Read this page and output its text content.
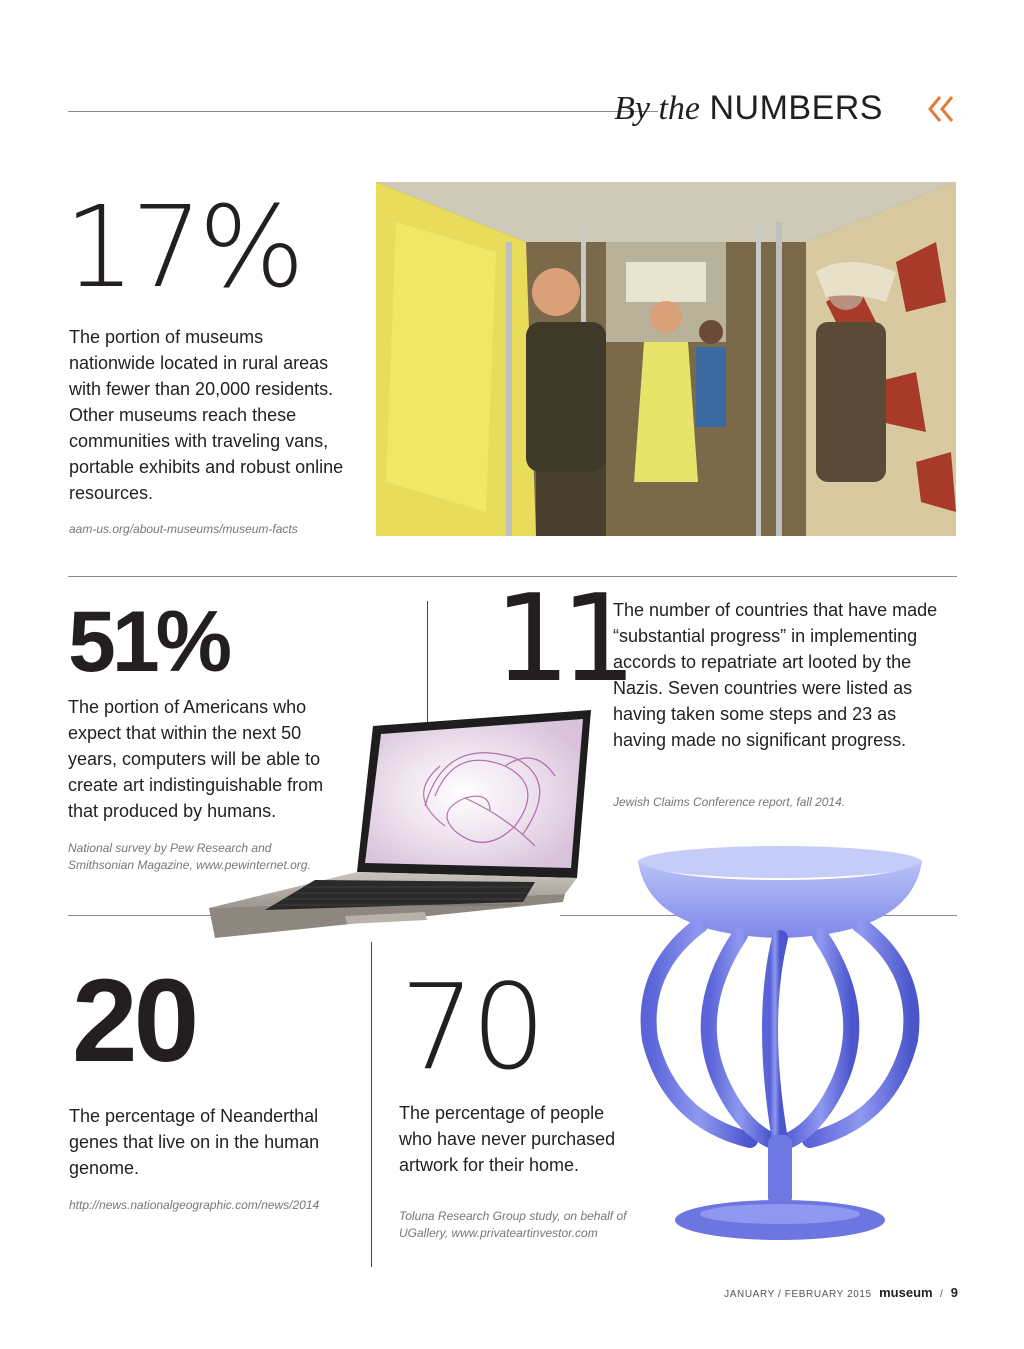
By the NUMBERS
17%
The portion of museums nationwide located in rural areas with fewer than 20,000 residents. Other museums reach these communities with traveling vans, portable exhibits and robust online resources.
aam-us.org/about-museums/museum-facts
51%
The portion of Americans who expect that within the next 50 years, computers will be able to create art indistinguishable from that produced by humans.
National survey by Pew Research and Smithsonian Magazine, www.pewinternet.org.
11
The number of countries that have made “substantial progress” in implementing accords to repatriate art looted by the Nazis. Seven countries were listed as having taken some steps and 23 as having made no significant progress.
Jewish Claims Conference report, fall 2014.
20
The percentage of Neanderthal genes that live on in the human genome.
http://news.nationalgeographic.com/news/2014
70
The percentage of people who have never purchased artwork for their home.
Toluna Research Group study, on behalf of UGallery, www.privateartinvestor.com
JANUARY / FEBRUARY 2015 museum / 9
